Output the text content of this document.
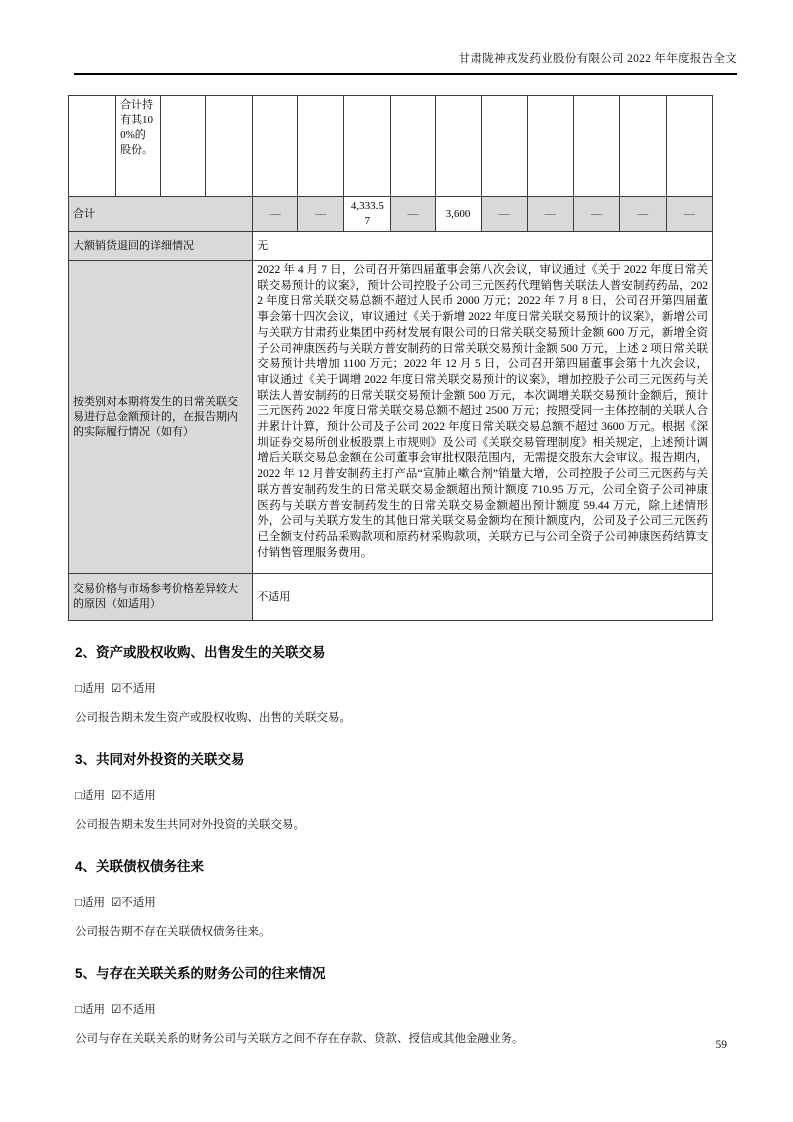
甘肃陇神戎发药业股份有限公司 2022 年年度报告全文
	合计持有其100%的股份。												
合计				—	—	4,333.57	—	3,600	—	—	—	—	—
大额销货退回的详细情况				无									
按类别对本期将发生的日常关联交易进行总金额预计的，在报告期内的实际履行情况（如有）				2022 年 4 月 7 日，公司召开第四届董事会第八次会议，审议通过《关于 2022 年度日常关联交易预计的议案》，预计公司控股子公司三元医药代理销售关联法人普安制药药品，2022 年度日常关联交易总额不超过人民币 2000 万元；2022 年 7 月 8 日，公司召开第四届董事会第十四次会议，审议通过《关于新增 2022 年度日常关联交易预计的议案》，新增公司与关联方甘肃药业集团中药材发展有限公司的日常关联交易预计金额 600 万元，新增全资子公司神康医药与关联方普安制药的日常关联交易预计金额 500 万元，上述 2 项日常关联交易预计共增加 1100 万元；2022 年 12 月 5 日，公司召开第四届董事会第十九次会议，审议通过《关于调增 2022 年度日常关联交易预计的议案》，增加控股子公司三元医药与关联法人普安制药的日常关联交易预计金额 500 万元，本次调增关联交易预计金额后，预计三元医药 2022 年度日常关联交易总额不超过 2500 万元；按照受同一主体控制的关联人合并累计计算，预计公司及子公司 2022 年度日常关联交易总额不超过 3600 万元。根据《深圳证券交易所创业板股票上市规则》及公司《关联交易管理制度》相关规定，上述预计调增后关联交易总金额在公司董事会审批权限范围内，无需提交股东大会审议。报告期内，2022 年 12 月普安制药主打产品“宣肺止嗽合剂”销量大增，公司控股子公司三元医药与关联方普安制药发生的日常关联交易金额超出预计额度 710.95 万元，公司全资子公司神康医药与关联方普安制药发生的日常关联交易金额超出预计额度 59.44 万元，除上述情形外，公司与关联方发生的其他日常关联交易金额均在预计额度内，公司及子公司三元医药已全额支付药品采购款项和原药材采购款项，关联方已与公司全资子公司神康医药结算支付销售管理服务费用。									

交易价格与市场参考价格差异较大的原因（如适用）				不适用									
2、资产或股权收购、出售发生的关联交易
□适用 ☑不适用

公司报告期未发生资产或股权收购、出售的关联交易。

3、共同对外投资的关联交易
□适用 ☑不适用

公司报告期未发生共同对外投资的关联交易。

4、关联债权债务往来
□适用 ☑不适用

公司报告期不存在关联债权债务往来。

5、与存在关联关系的财务公司的往来情况
□适用 ☑不适用

公司与存在关联关系的财务公司与关联方之间不存在存款、贷款、授信或其他金融业务。	59
